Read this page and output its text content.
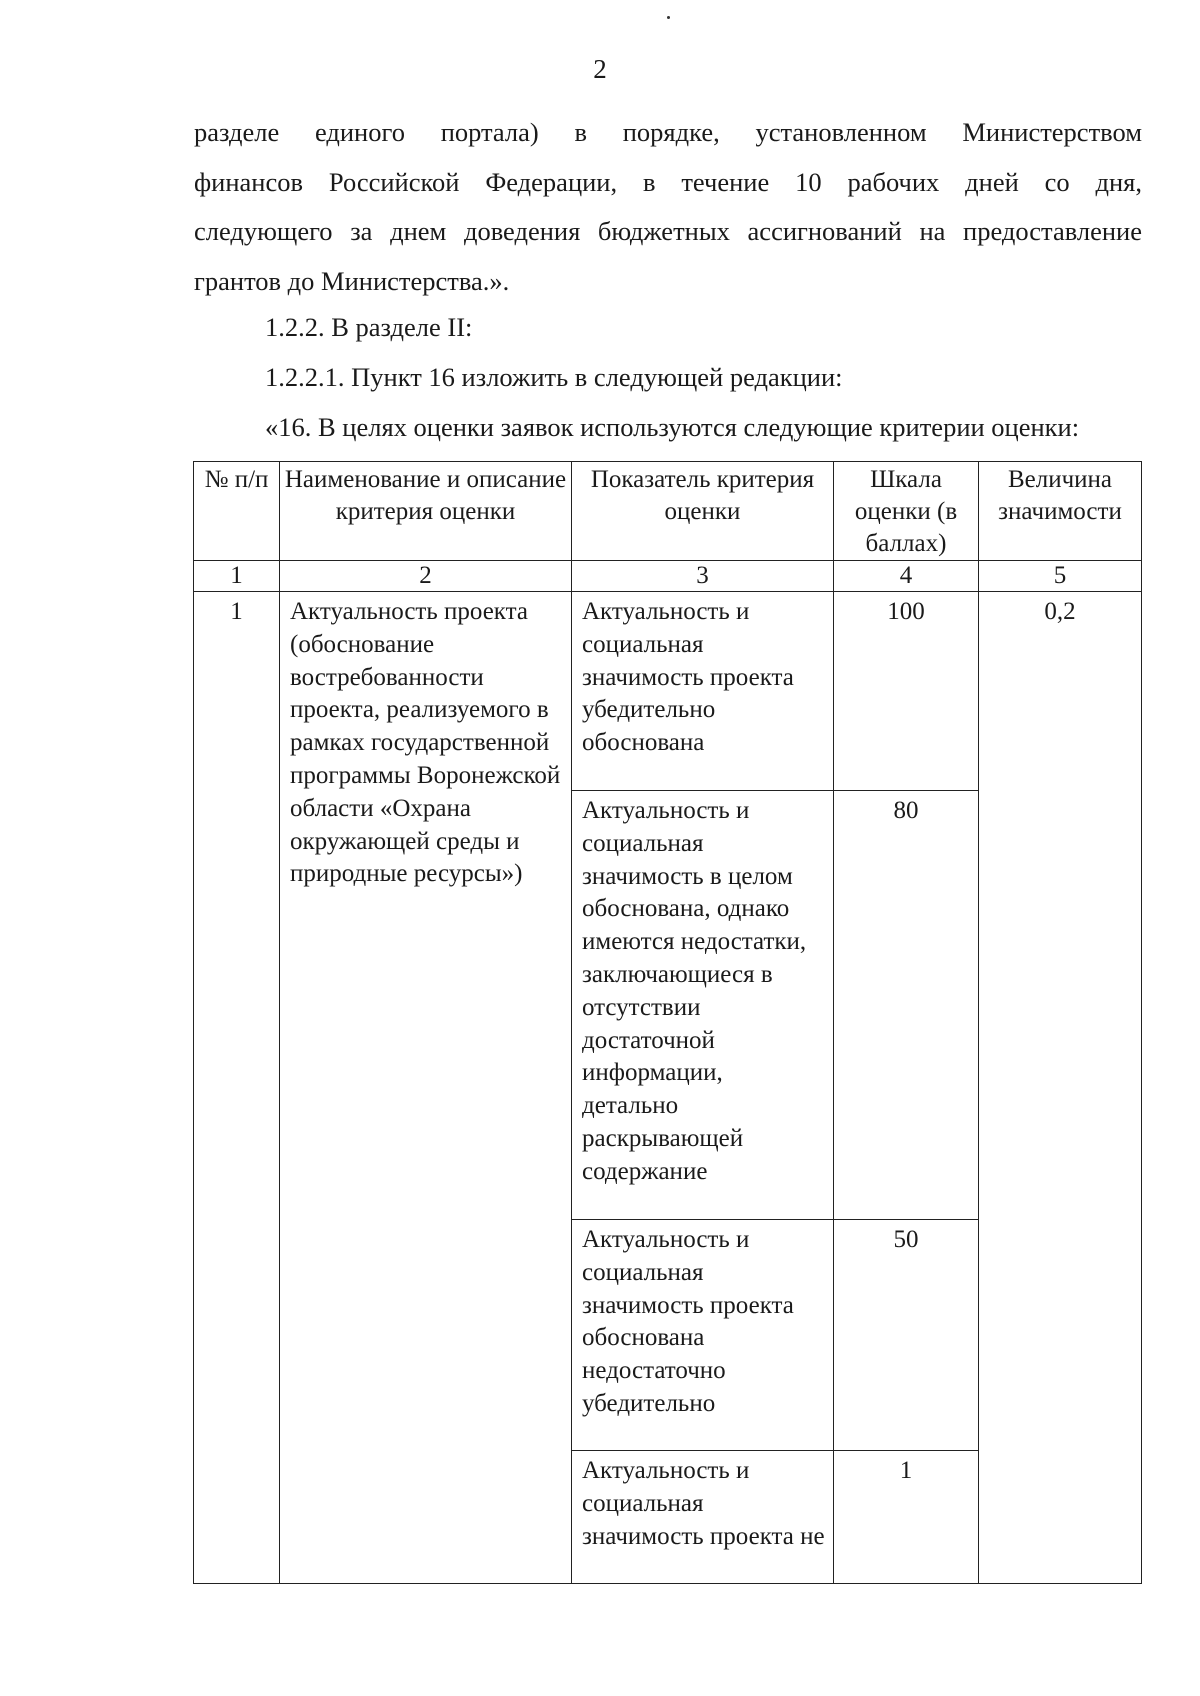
2

разделе единого портала) в порядке, установленном Министерством

финансов Российской Федерации, в течение 10 рабочих дней со дня,

следующего за днем доведения бюджетных ассигнований на предоставление

грантов до Министерства.».

1.2.2. В разделе II:
1.2.2.1. Пункт 16 изложить в следующей редакции:
«16. В целях оценки заявок используются следующие критерии оценки:
№ п/п	Наименование и описание критерия оценки	Показатель критерия оценки	Шкала оценки (в баллах)	Величина значимости
1	2	3	4	5
1	Актуальность проекта (обоснование востребованности проекта, реализуемого в рамках государственной программы Воронежской области «Охрана окружающей среды и природные ресурсы»)	Актуальность и социальная значимость проекта убедительно обоснована	100	0,2
		Актуальность и социальная значимость в целом обоснована, однако имеются недостатки, заключающиеся в отсутствии достаточной информации, детально раскрывающей содержание	80	
		Актуальность и социальная значимость проекта обоснована недостаточно убедительно	50	
		Актуальность и социальная значимость проекта не	1	
